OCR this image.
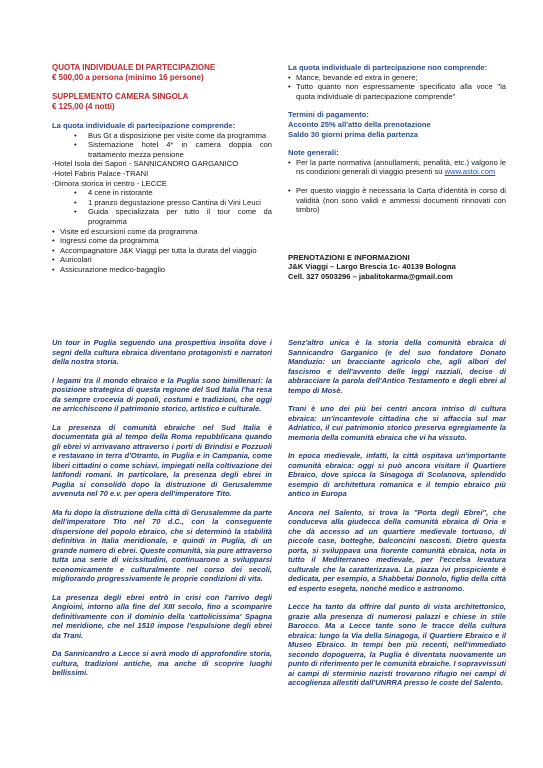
QUOTA INDIVIDUALE DI PARTECIPAZIONE
€ 500,00 a persona (minimo 16 persone)
SUPPLEMENTO CAMERA SINGOLA
€ 125,00 (4 notti)
La quota individuale di partecipazione comprende:
• Bus Gt a disposizione per visite come da programma
• Sistemazione hotel 4* in camera doppia con trattamento mezza pensione
-Hotel Isola dei Sapori - SANNICANDRO GARGANICO
-Hotel Fabris Palace -TRANI
-Dimora storica in centro - LECCE
• 4 cene in ristorante
• 1 pranzo degustazione presso Cantina di Vini Leuci
• Guida specializzata per tutto il tour come da programma
• Visite ed escursioni come da programma
• Ingressi come da programma
• Accompagnatore J&K Viaggi per tutta la durata del viaggio
• Auricolari
• Assicurazione medico-bagaglio
La quota individuale di partecipazione non comprende:
• Mance, bevande ed extra in genere;
• Tutto quanto non espressamente specificato alla voce "la quota individuale di partecipazione comprende"
Termini di pagamento:
Acconto 25% all'atto della prenotazione
Saldo 30 giorni prima della partenza
Note generali:
• Per la parte normativa (annullamenti, penalità, etc.) valgono le ns condizioni generali di viaggio presenti su www.astoi.com
• Per questo viaggio è necessaria la Carta d'identità in corso di validità (non sono validi e ammessi documenti rinnovati con timbro)
PRENOTAZIONI E INFORMAZIONI
J&K Viaggi – Largo Brescia 1c- 40139 Bologna
Cell. 327 0503296 – jabalitokarma@gmail.com

Un tour in Puglia seguendo una prospettiva insolita dove i segni della cultura ebraica diventano protagonisti e narratori della nostra storia.

I legami tra il mondo ebraico e la Puglia sono bimillenari: la posizione strategica di questa regione del Sud Italia l'ha resa da sempre crocevia di popoli, costumi e tradizioni, che oggi ne arricchiscono il patrimonio storico, artistico e culturale.

La presenza di comunità ebraiche nel Sud Italia è documentata già al tempo della Roma repubblicana quando gli ebrei vi arrivavano attraverso i porti di Brindisi e Pozzuoli e restavano in terra d'Otranto, in Puglia e in Campania, come liberi cittadini o come schiavi, impiegati nella coltivazione dei latifondi romani. In particolare, la presenza degli ebrei in Puglia si consolidò dopo la distruzione di Gerusalemme avvenuta nel 70 e.v. per opera dell'imperatore Tito.

Ma fu dopo la distruzione della città di Gerusalemme da parte dell'imperatore Tito nel 70 d.C., con la conseguente dispersione del popolo ebraico, che si determinò la stabilità definitiva in Italia meridionale, e quindi in Puglia, di un grande numero di ebrei. Queste comunità, sia pure attraverso tutta una serie di vicissitudini, continuarono a svilupparsi economicamente e culturalmente nel corso dei secoli, migliorando progressivamente le proprie condizioni di vita.

La presenza degli ebrei entrò in crisi con l'arrivo degli Angioini, intorno alla fine del XIII secolo, fino a scomparire definitivamente con il dominio della 'cattolicissima' Spagna nel meridione, che nel 1510 impose l'espulsione degli ebrei da Trani.

Da Sannicandro a Lecce si avrà modo di approfondire storia, cultura, tradizioni antiche, ma anche di scoprire luoghi bellissimi.

Senz'altro unica è la storia della comunità ebraica di Sannicandro Garganico (e del suo fondatore Donato Manduzio: un bracciante agricolo che, agli albori del fascismo e dell'avvento delle leggi razziali, decise di abbracciare la parola dell'Antico Testamento e degli ebrei al tempo di Mosè.

Trani è uno dei più bei centri ancora intriso di cultura ebraica: un'incantevole cittadina che si affaccia sul mar Adriatico, il cui patrimonio storico preserva egregiamente la memoria della comunità ebraica che vi ha vissuto.

In epoca medievale, infatti, la città ospitava un'importante comunità ebraica: oggi si può ancora visitare il Quartiere Ebraico, dove spicca la Sinagoga di Scolanova, splendido esempio di architettura romanica e il tempio ebraico più antico in Europa

Ancora nel Salento, si trova la "Porta degli Ebrei", che conduceva alla giudecca della comunità ebraica di Oria e che dà accesso ad un quartiere medievale tortuoso, di piccole case, botteghe, balconcini nascosti. Dietro questa porta, si sviluppava una fiorente comunità ebraica, nota in tutto il Mediterraneo medievale, per l'eccelsa levatura culturale che la caratterizzava. La piazza ivi prospiciente è dedicata, per esempio, a Shabbetai Donnolo, figlio della città ed esperto esegeta, nonché medico e astronomo.

Lecce ha tanto da offrire dal punto di vista architettonico, grazie alla presenza di numerosi palazzi e chiese in stile Barocco. Ma a Lecce tante sono le tracce della cultura ebraica: lungo la Via della Sinagoga, il Quartiere Ebraico e il Museo Ebraico. In tempi ben più recenti, nell'immediato secondo dopoguerra, la Puglia è diventata nuovamente un punto di riferimento per le comunità ebraiche. I sopravvissuti ai campi di sterminio nazisti trovarono rifugio nei campi di accoglienza allestiti dall'UNRRA presso le coste del Salento.
